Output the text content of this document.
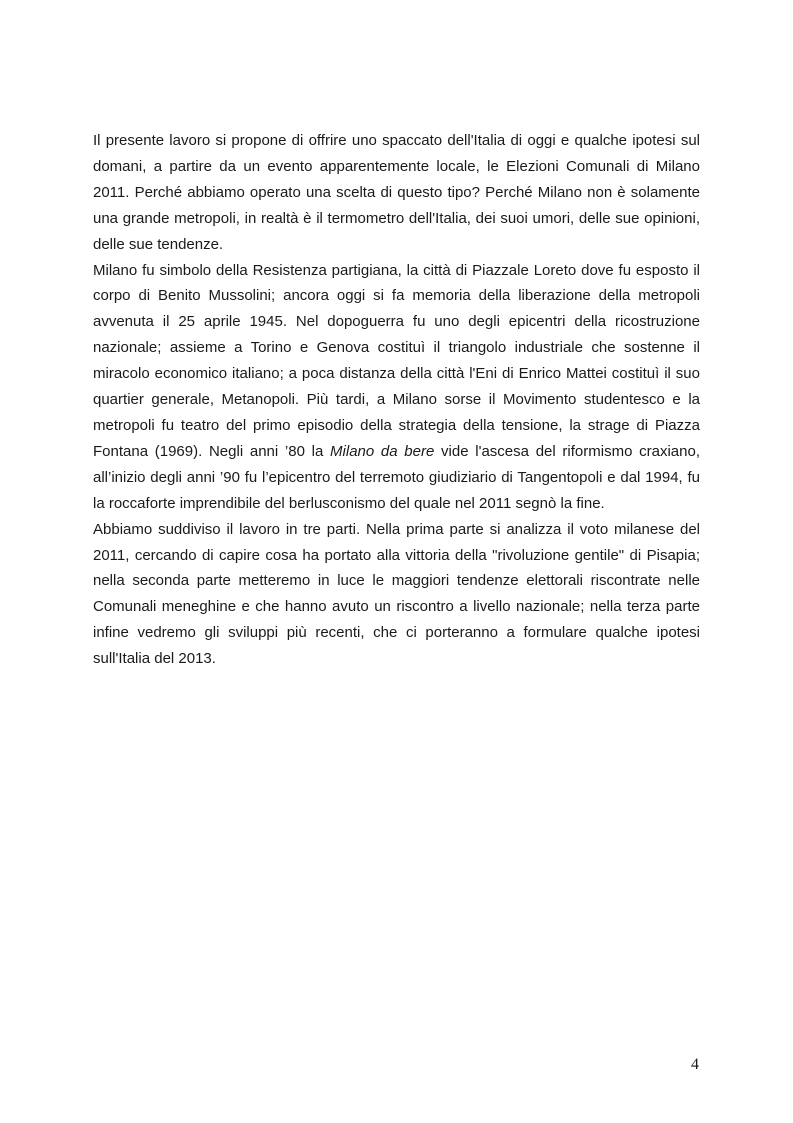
Il presente lavoro si propone di offrire uno spaccato dell'Italia di oggi e qualche ipotesi sul domani, a partire da un evento apparentemente locale, le Elezioni Comunali di Milano 2011. Perché abbiamo operato una scelta di questo tipo? Perché Milano non è solamente una grande metropoli, in realtà è il termometro dell'Italia, dei suoi umori, delle sue opinioni, delle sue tendenze.

Milano fu simbolo della Resistenza partigiana, la città di Piazzale Loreto dove fu esposto il corpo di Benito Mussolini; ancora oggi si fa memoria della liberazione della metropoli avvenuta il 25 aprile 1945. Nel dopoguerra fu uno degli epicentri della ricostruzione nazionale; assieme a Torino e Genova costituì il triangolo industriale che sostenne il miracolo economico italiano; a poca distanza della città l'Eni di Enrico Mattei costituì il suo quartier generale, Metanopoli. Più tardi, a Milano sorse il Movimento studentesco e la metropoli fu teatro del primo episodio della strategia della tensione, la strage di Piazza Fontana (1969). Negli anni ’80 la Milano da bere vide l'ascesa del riformismo craxiano, all’inizio degli anni ’90 fu l’epicentro del terremoto giudiziario di Tangentopoli e dal 1994, fu la roccaforte imprendibile del berlusconismo del quale nel 2011 segnò la fine.

Abbiamo suddiviso il lavoro in tre parti. Nella prima parte si analizza il voto milanese del 2011, cercando di capire cosa ha portato alla vittoria della "rivoluzione gentile" di Pisapia; nella seconda parte metteremo in luce le maggiori tendenze elettorali riscontrate nelle Comunali meneghine e che hanno avuto un riscontro a livello nazionale; nella terza parte infine vedremo gli sviluppi più recenti, che ci porteranno a formulare qualche ipotesi sull'Italia del 2013.

4
